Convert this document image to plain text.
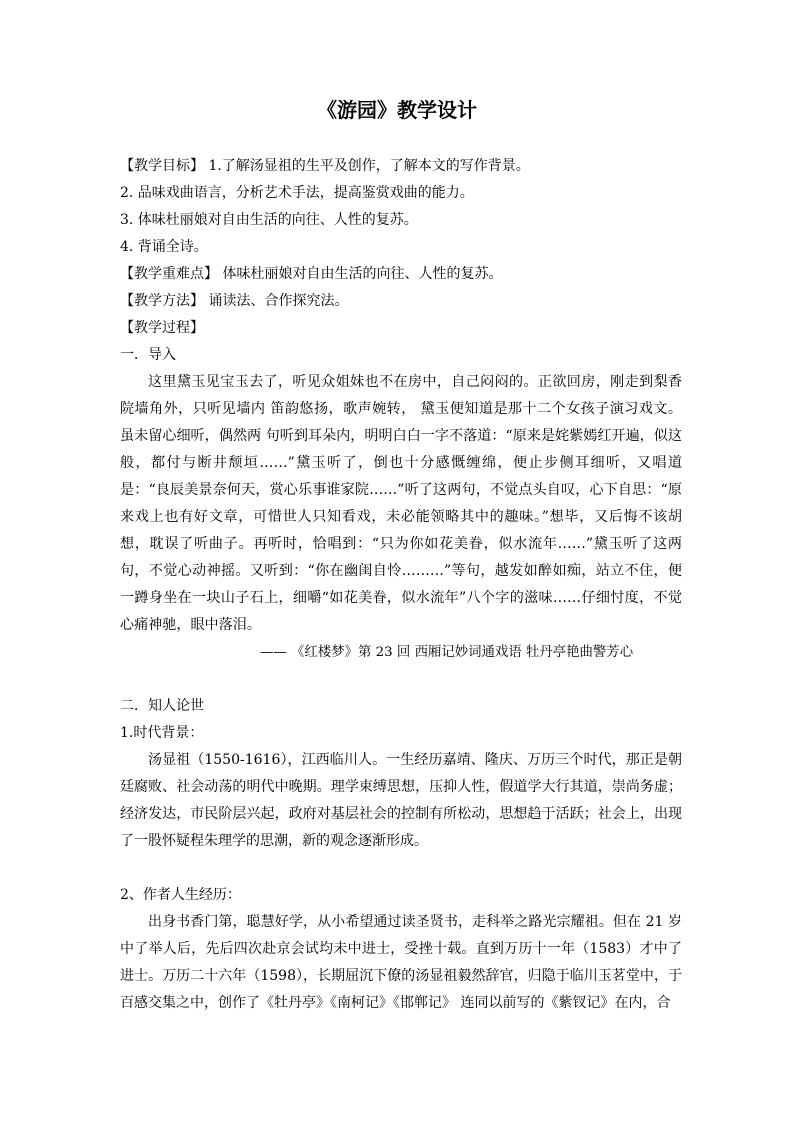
《游园》教学设计
【教学目标】 1.了解汤显祖的生平及创作，了解本文的写作背景。
2. 品味戏曲语言，分析艺术手法，提高鉴赏戏曲的能力。
3. 体味杜丽娘对自由生活的向往、人性的复苏。
4. 背诵全诗。
【教学重难点】 体味杜丽娘对自由生活的向往、人性的复苏。
【教学方法】 诵读法、合作探究法。
【教学过程】
一．导入

这里黛玉见宝玉去了，听见众姐妹也不在房中，自己闷闷的。正欲回房，刚走到梨香院墙角外，只听见墙内 笛韵悠扬，歌声婉转， 黛玉便知道是那十二个女孩子演习戏文。 虽未留心细听，偶然两 句听到耳朵内，明明白白一字不落道：“原来是姹紫嫣红开遍，似这般，都付与断井颓垣……”黛玉听了，倒也十分感慨缠绵，便止步侧耳细听，又唱道是：“良辰美景奈何天，赏心乐事谁家院……”听了这两句，不觉点头自叹，心下自思：“原来戏上也有好文章，可惜世人只知看戏，未必能领略其中的趣味。”想毕，又后悔不该胡想，耽误了听曲子。再听时，恰唱到：“只为你如花美眷，似水流年……”黛玉听了这两句，不觉心动神摇。又听到：“你在幽闺自怜………”等句，越发如醉如痴，站立不住，便一蹲身坐在一块山子石上，细嚼“如花美眷，似水流年”八个字的滋味……仔细忖度，不觉心痛神驰，眼中落泪。

—— 《红楼梦》第 23 回 西厢记妙词通戏语 牡丹亭艳曲警芳心
二．知人论世
1.时代背景：

汤显祖（1550-1616），江西临川人。一生经历嘉靖、隆庆、万历三个时代，那正是朝廷腐败、社会动荡的明代中晚期。理学束缚思想，压抑人性，假道学大行其道，崇尚务虚；经济发达，市民阶层兴起，政府对基层社会的控制有所松动，思想趋于活跃；社会上，出现了一股怀疑程朱理学的思潮，新的观念逐渐形成。

2、作者人生经历：

出身书香门第，聪慧好学，从小希望通过读圣贤书，走科举之路光宗耀祖。但在 21 岁中了举人后，先后四次赴京会试均未中进士，受挫十载。直到万历十一年（1583）才中了进士。万历二十六年（1598），长期屈沉下僚的汤显祖毅然辞官，归隐于临川玉茗堂中，于百感交集之中，创作了《牡丹亭》《南柯记》《邯郸记》 连同以前写的《紫钗记》在内，合
